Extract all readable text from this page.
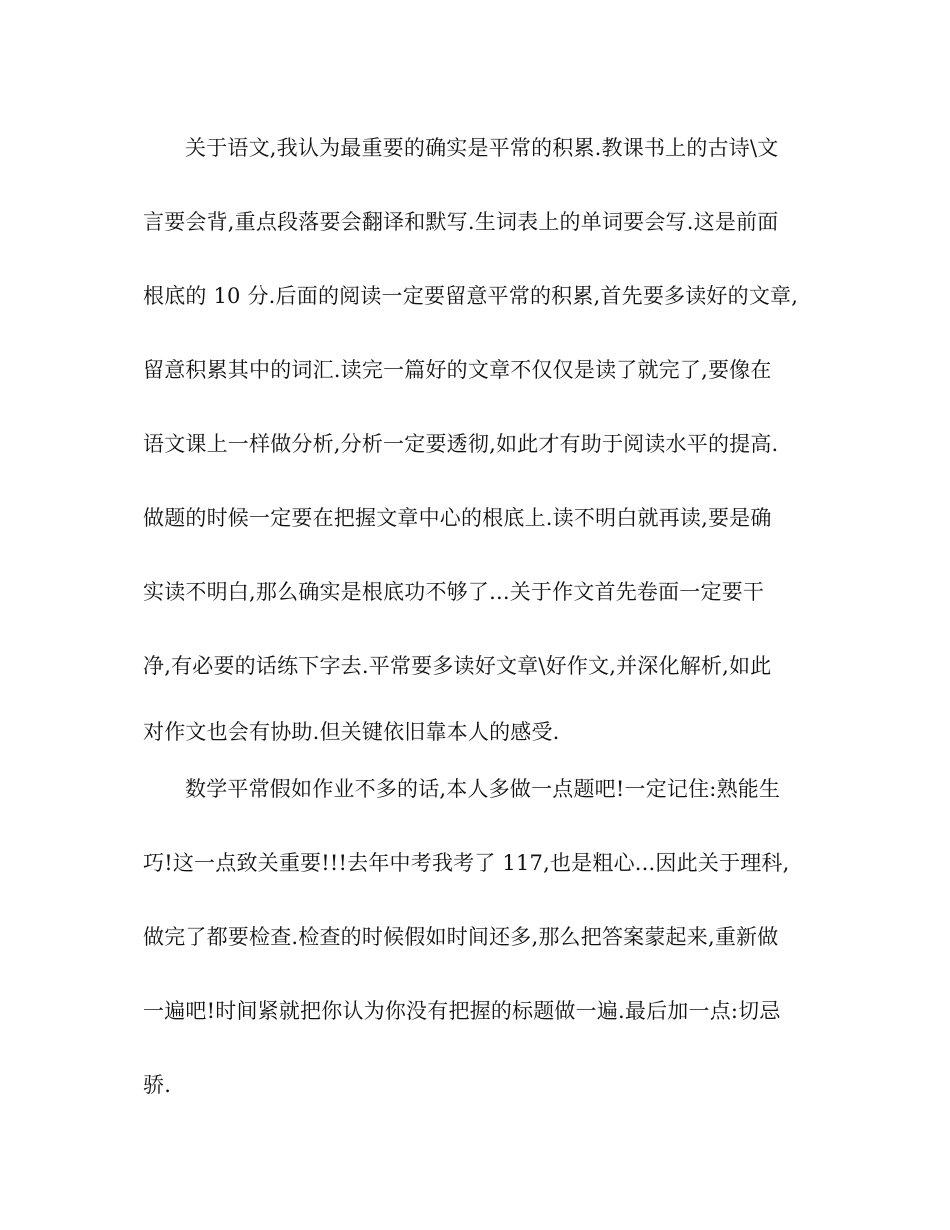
关于语文,我认为最重要的确实是平常的积累.教课书上的古诗\文
言要会背,重点段落要会翻译和默写.生词表上的单词要会写.这是前面
根底的 10 分.后面的阅读一定要留意平常的积累,首先要多读好的文章,
留意积累其中的词汇.读完一篇好的文章不仅仅是读了就完了,要像在
语文课上一样做分析,分析一定要透彻,如此才有助于阅读水平的提高.
做题的时候一定要在把握文章中心的根底上.读不明白就再读,要是确
实读不明白,那么确实是根底功不够了...关于作文首先卷面一定要干
净,有必要的话练下字去.平常要多读好文章\好作文,并深化解析,如此
对作文也会有协助.但关键依旧靠本人的感受.
数学平常假如作业不多的话,本人多做一点题吧!一定记住:熟能生
巧!这一点致关重要!!!去年中考我考了 117,也是粗心...因此关于理科,
做完了都要检查.检查的时候假如时间还多,那么把答案蒙起来,重新做
一遍吧!时间紧就把你认为你没有把握的标题做一遍.最后加一点:切忌
骄.
